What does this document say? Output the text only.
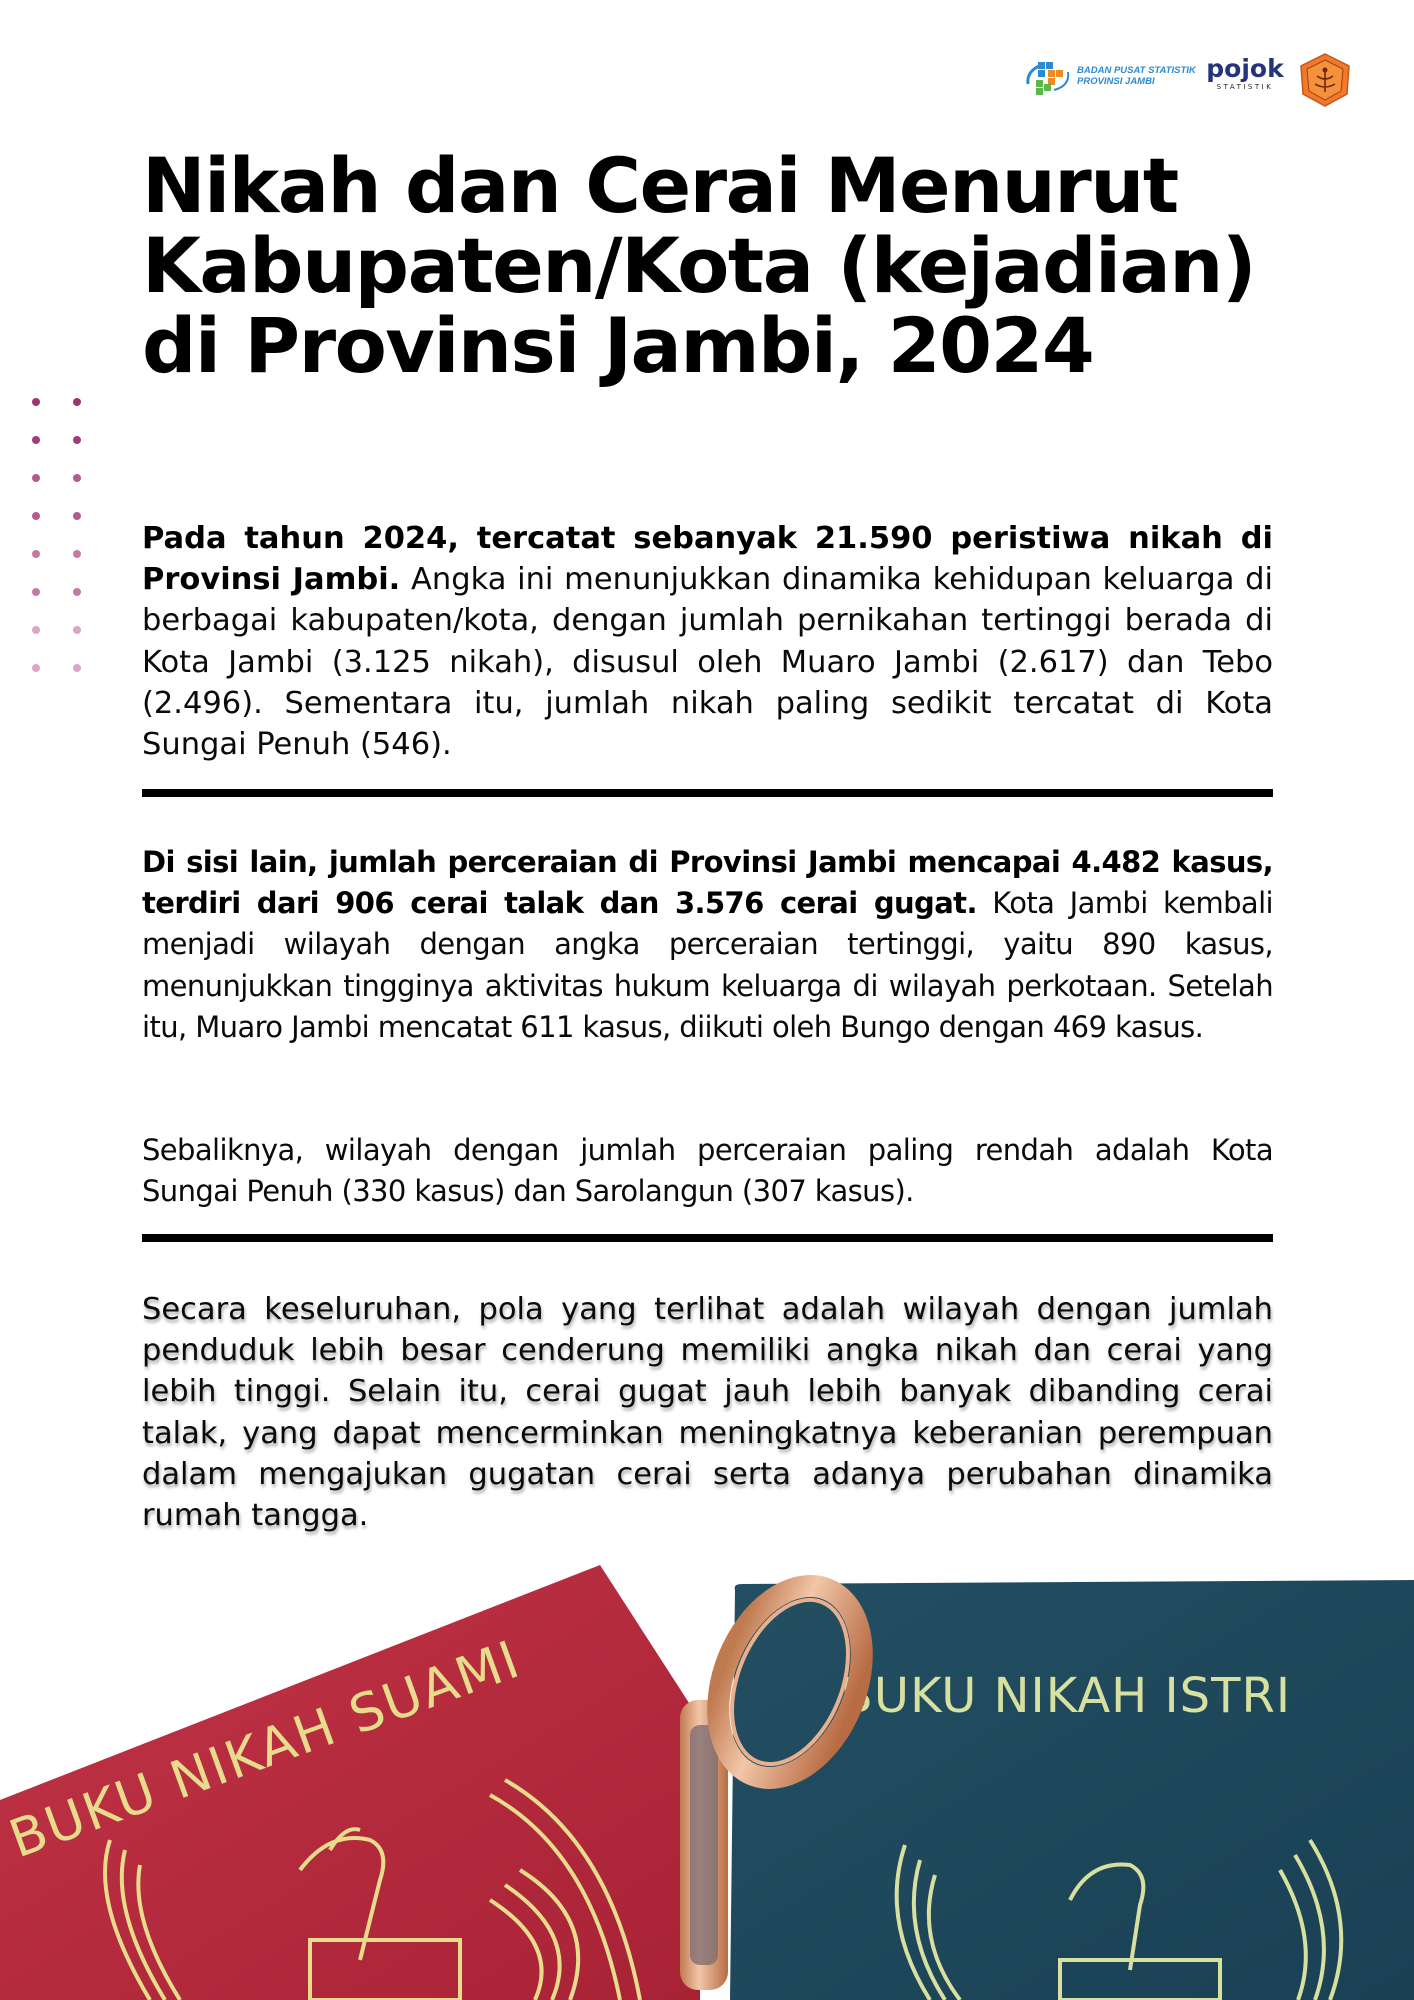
BADAN PUSAT STATISTIK
PROVINSI JAMBI	pojok
STATISTIK
Nikah dan Cerai Menurut Kabupaten/Kota (kejadian) di Provinsi Jambi, 2024

Pada tahun 2024, tercatat sebanyak 21.590 peristiwa nikah di Provinsi Jambi. Angka ini menunjukkan dinamika kehidupan keluarga di berbagai kabupaten/kota, dengan jumlah pernikahan tertinggi berada di Kota Jambi (3.125 nikah), disusul oleh Muaro Jambi (2.617) dan Tebo (2.496). Sementara itu, jumlah nikah paling sedikit tercatat di Kota Sungai Penuh (546).

Di sisi lain, jumlah perceraian di Provinsi Jambi mencapai 4.482 kasus, terdiri dari 906 cerai talak dan 3.576 cerai gugat. Kota Jambi kembali menjadi wilayah dengan angka perceraian tertinggi, yaitu 890 kasus, menunjukkan tingginya aktivitas hukum keluarga di wilayah perkotaan. Setelah itu, Muaro Jambi mencatat 611 kasus, diikuti oleh Bungo dengan 469 kasus.

Sebaliknya, wilayah dengan jumlah perceraian paling rendah adalah Kota Sungai Penuh (330 kasus) dan Sarolangun (307 kasus).

Secara keseluruhan, pola yang terlihat adalah wilayah dengan jumlah penduduk lebih besar cenderung memiliki angka nikah dan cerai yang lebih tinggi. Selain itu, cerai gugat jauh lebih banyak dibanding cerai talak, yang dapat mencerminkan meningkatnya keberanian perempuan dalam mengajukan gugatan cerai serta adanya perubahan dinamika rumah tangga.

BUKU NIKAH SUAMI	BUKU NIKAH ISTRI
